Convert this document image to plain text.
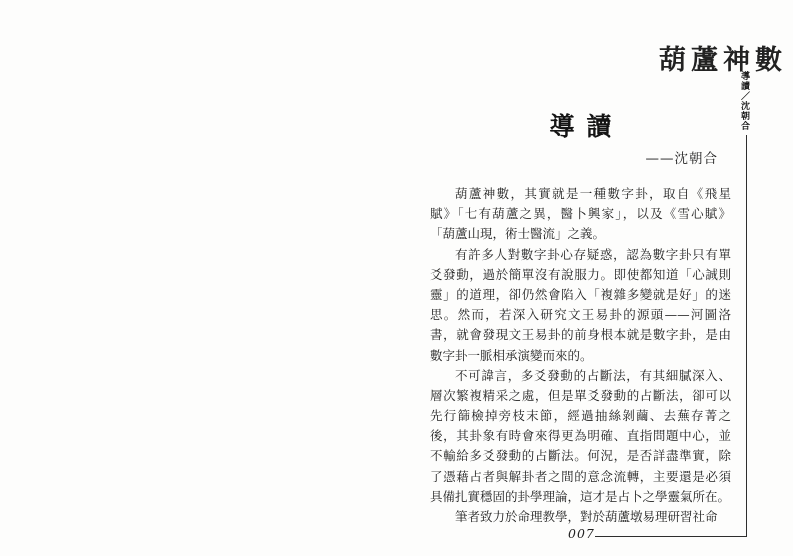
葫蘆神數
導讀／沈朝合
導讀
——沈朝合
葫蘆神數，其實就是一種數字卦，取自《飛星
賦》「七有葫蘆之異，醫卜興家」，以及《雪心賦》
「葫蘆山現，術士醫流」之義。
有許多人對數字卦心存疑惑，認為數字卦只有單
爻發動，過於簡單沒有說服力。即使都知道「心誠則
靈」的道理，卻仍然會陷入「複雜多變就是好」的迷
思。然而，若深入研究文王易卦的源頭——河圖洛
書，就會發現文王易卦的前身根本就是數字卦，是由
數字卦一脈相承演變而來的。
不可諱言，多爻發動的占斷法，有其細膩深入、
層次繁複精采之處，但是單爻發動的占斷法，卻可以
先行篩檢掉旁枝末節，經過抽絲剝繭、去蕪存菁之
後，其卦象有時會來得更為明確、直指問題中心，並
不輸給多爻發動的占斷法。何況，是否詳盡準實，除
了憑藉占者與解卦者之間的意念流轉，主要還是必須
具備扎實穩固的卦學理論，這才是占卜之學靈氣所在。
筆者致力於命理教學，對於葫蘆墩易理研習社命
007
